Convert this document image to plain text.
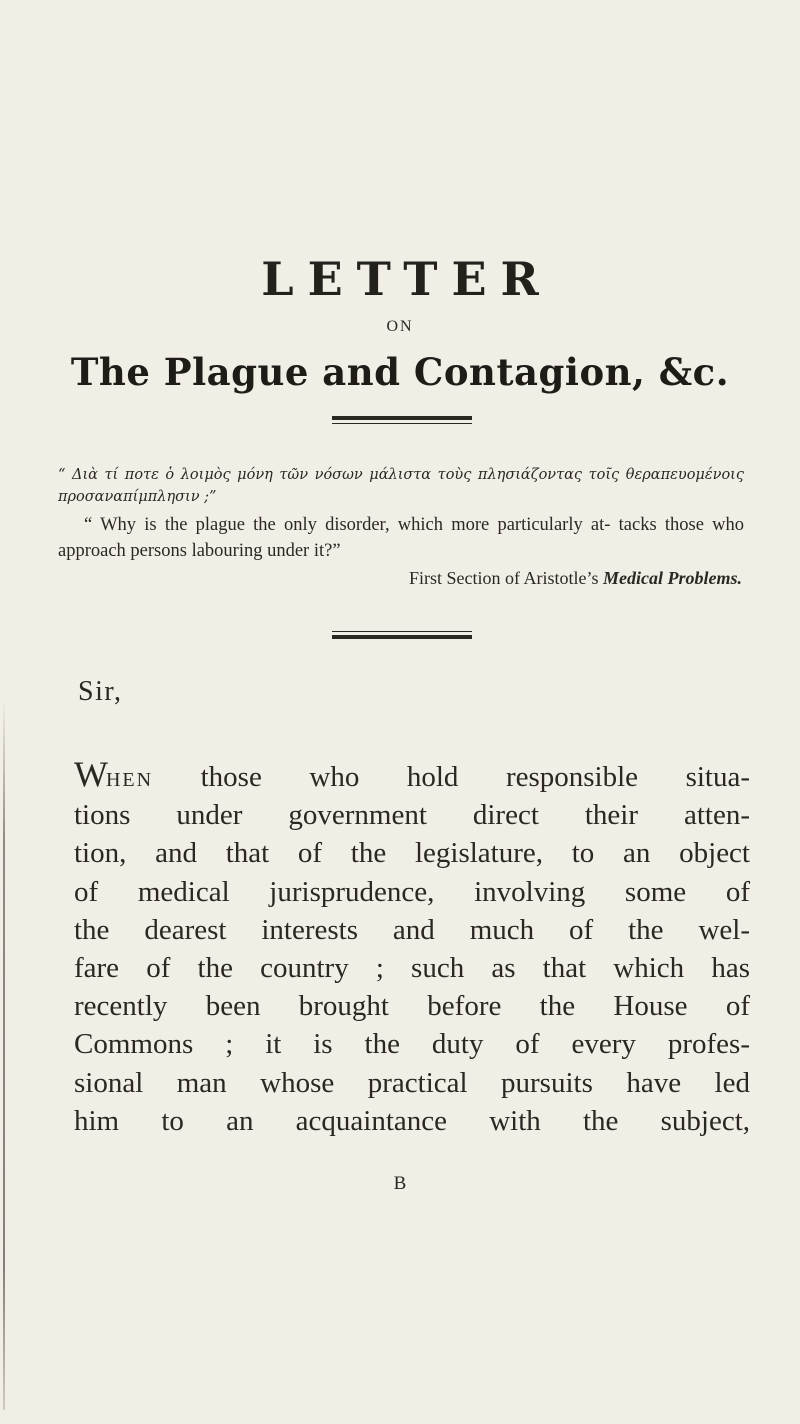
LETTER
ON
The Plague and Contagion, &c.
“ Διὰ τί ποτε ὁ λοιμὸς μόνη τῶν νόσων μάλιστα τοὺς πλησιάζοντας τοῖς θεραπευομένοις προσαναπίμπλησιν ;”
“ Why is the plague the only disorder, which more particularly at- tacks those who approach persons labouring under it?”
First Section of Aristotle’s Medical Problems.
Sir,
When those who hold responsible situa-
tions under government direct their atten-
tion, and that of the legislature, to an object
of medical jurisprudence, involving some of
the dearest interests and much of the wel-
fare of the country ; such as that which has
recently been brought before the House of
Commons ; it is the duty of every profes-
sional man whose practical pursuits have led
him to an acquaintance with the subject,
B
